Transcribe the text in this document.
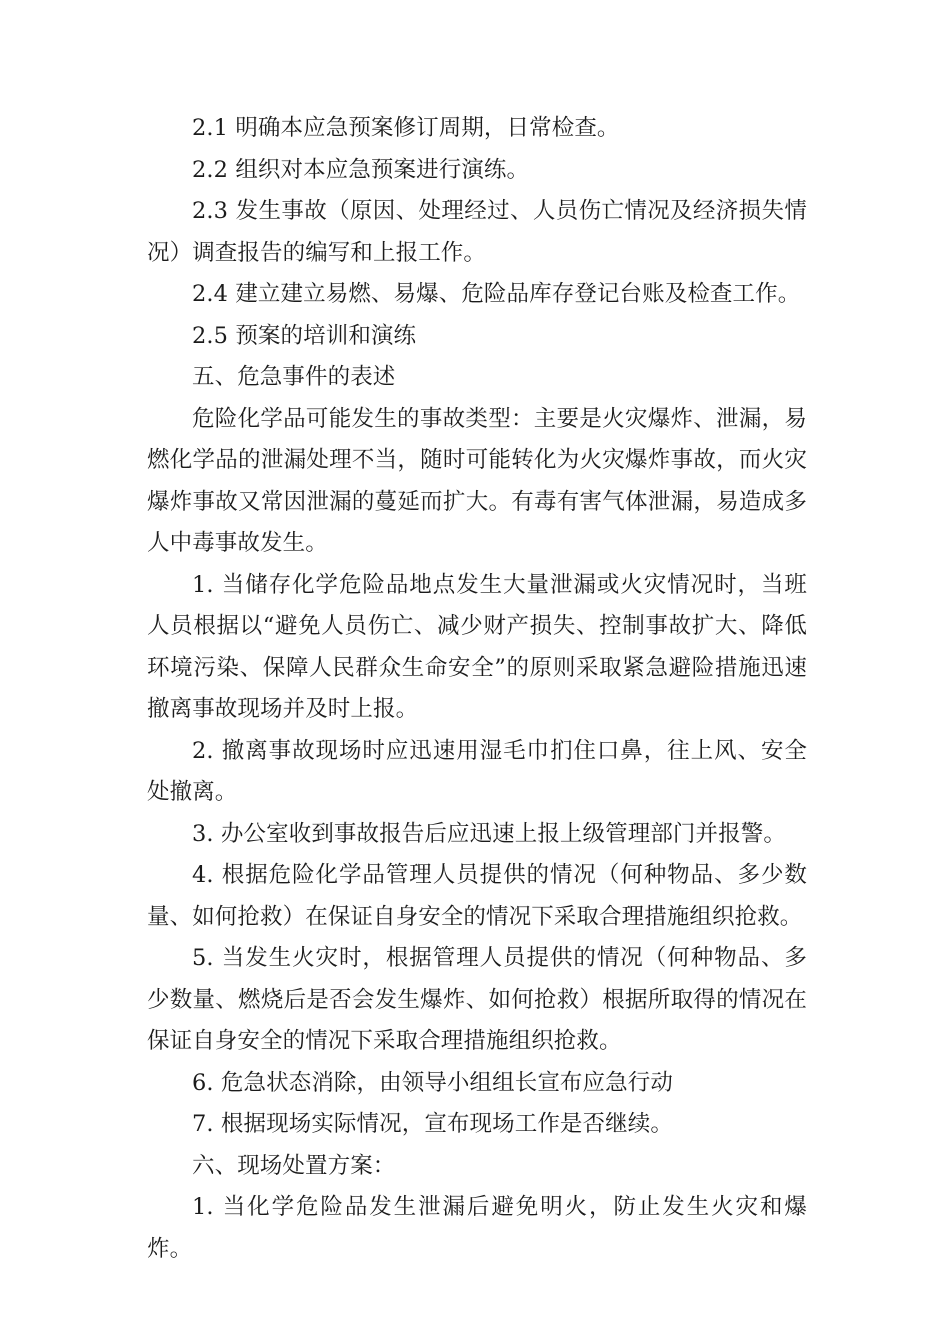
2.1 明确本应急预案修订周期，日常检查。

2.2 组织对本应急预案进行演练。

2.3 发生事故（原因、处理经过、人员伤亡情况及经济损失情况）调查报告的编写和上报工作。

2.4 建立建立易燃、易爆、危险品库存登记台账及检查工作。

2.5 预案的培训和演练

五、危急事件的表述

危险化学品可能发生的事故类型：主要是火灾爆炸、泄漏，易燃化学品的泄漏处理不当，随时可能转化为火灾爆炸事故，而火灾爆炸事故又常因泄漏的蔓延而扩大。有毒有害气体泄漏，易造成多人中毒事故发生。

1. 当储存化学危险品地点发生大量泄漏或火灾情况时，当班人员根据以“避免人员伤亡、减少财产损失、控制事故扩大、降低环境污染、保障人民群众生命安全”的原则采取紧急避险措施迅速撤离事故现场并及时上报。

2. 撤离事故现场时应迅速用湿毛巾扪住口鼻，往上风、安全处撤离。

3. 办公室收到事故报告后应迅速上报上级管理部门并报警。

4. 根据危险化学品管理人员提供的情况（何种物品、多少数量、如何抢救）在保证自身安全的情况下采取合理措施组织抢救。

5. 当发生火灾时，根据管理人员提供的情况（何种物品、多少数量、燃烧后是否会发生爆炸、如何抢救）根据所取得的情况在保证自身安全的情况下采取合理措施组织抢救。

6. 危急状态消除，由领导小组组长宣布应急行动

7. 根据现场实际情况，宣布现场工作是否继续。

六、现场处置方案：

1. 当化学危险品发生泄漏后避免明火，防止发生火灾和爆炸。
